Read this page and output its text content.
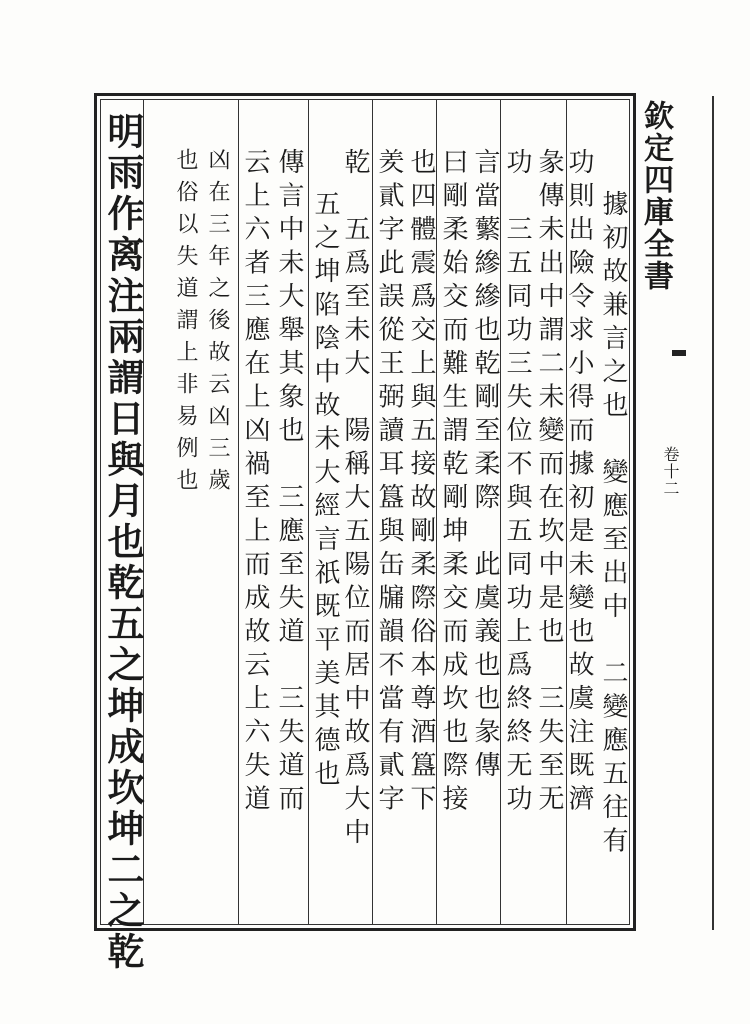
欽定四庫全書
卷十二
據初故兼言之也　變應至出中　二變應五往有
功則出險令求小得而據初是未變也故虞注既濟
彖傳未出中謂二未變而在坎中是也　三失至无
功　三五同功三失位不與五同功上爲終終无功
言當蘩縿縿也乾剛至柔際　此虞義也也彖傳
曰剛柔始交而難生謂乾剛坤柔交而成坎也際接
也四體震爲交上與五接故剛柔際俗本尊酒簋下
羑貳字此誤從王弼讀耳簋與缶牖韻不當有貳字
乾　五爲至未大　陽稱大五陽位而居中故爲大中
五之坤陷陰中故未大經言祇既平美其德也
傳言中未大舉其象也　三應至失道　三失道而
云上六者三應在上凶禍至上而成故云上六失道
凶在三年之後故云凶三歲
也俗以失道謂上非易例也
明雨作离注兩謂日與月也乾五之坤成坎坤二之乾
